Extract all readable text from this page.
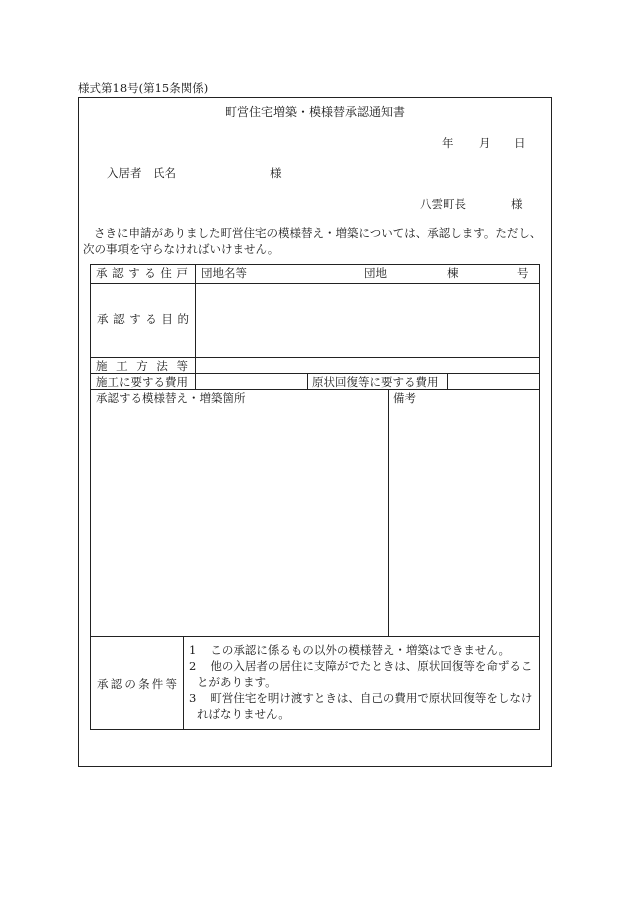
様式第18号(第15条関係)
町営住宅増築・模様替承認通知書
年 月 日
入居者　氏名	様
八雲町長	様
さきに申請がありました町営住宅の模様替え・増築については、承認します。ただし、
次の事項を守らなければいけません。
承認する住戸 団地名等	団地	棟	号
承認する目的
施工方法等
施工に要する費用	原状回復等に要する費用
承認する模様替え・増築箇所	備考
承認の条件等
1 この承認に係るもの以外の模様替え・増築はできません。
2 他の入居者の居住に支障がでたときは、原状回復等を命ずるこ
とがあります。
3 町営住宅を明け渡すときは、自己の費用で原状回復等をしなけ
ればなりません。
